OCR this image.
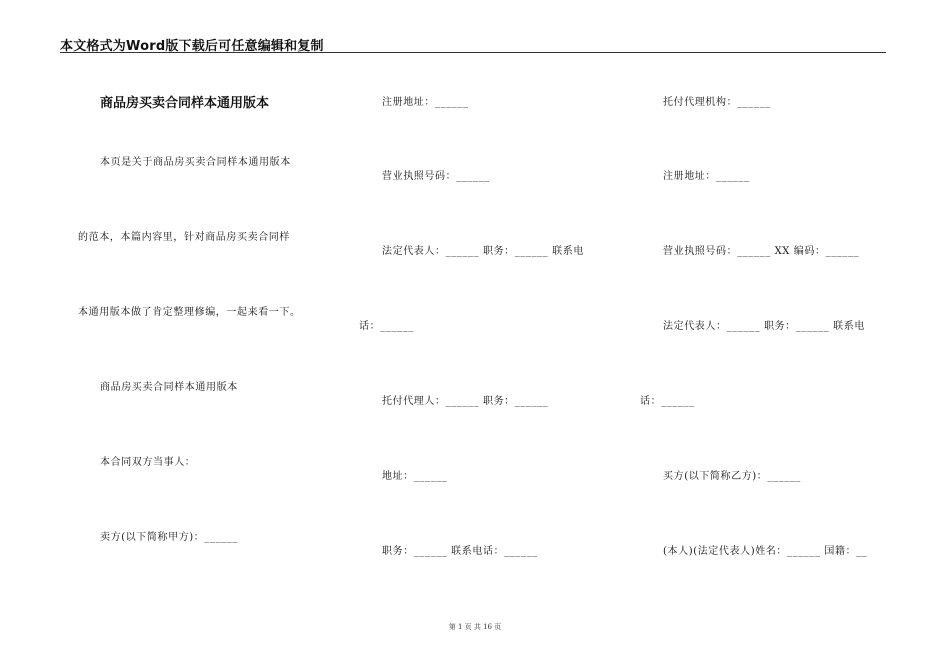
本文格式为Word版下载后可任意编辑和复制
商品房买卖合同样本通用版本
本页是关于商品房买卖合同样本通用版本
的范本，本篇内容里，针对商品房买卖合同样
本通用版本做了肯定整理修编，一起来看一下。
商品房买卖合同样本通用版本
本合同双方当事人：
卖方(以下简称甲方)：______
注册地址：______
营业执照号码：______
法定代表人：______ 职务：______ 联系电
话：______
托付代理人：______ 职务：______
地址：______
职务：______ 联系电话：______
托付代理机构：______
注册地址：______
营业执照号码：______ XX 编码：______
法定代表人：______ 职务：______ 联系电
话：______
买方(以下简称乙方)：______
(本人)(法定代表人)姓名：______ 国籍：__
第 1 页 共 16 页
